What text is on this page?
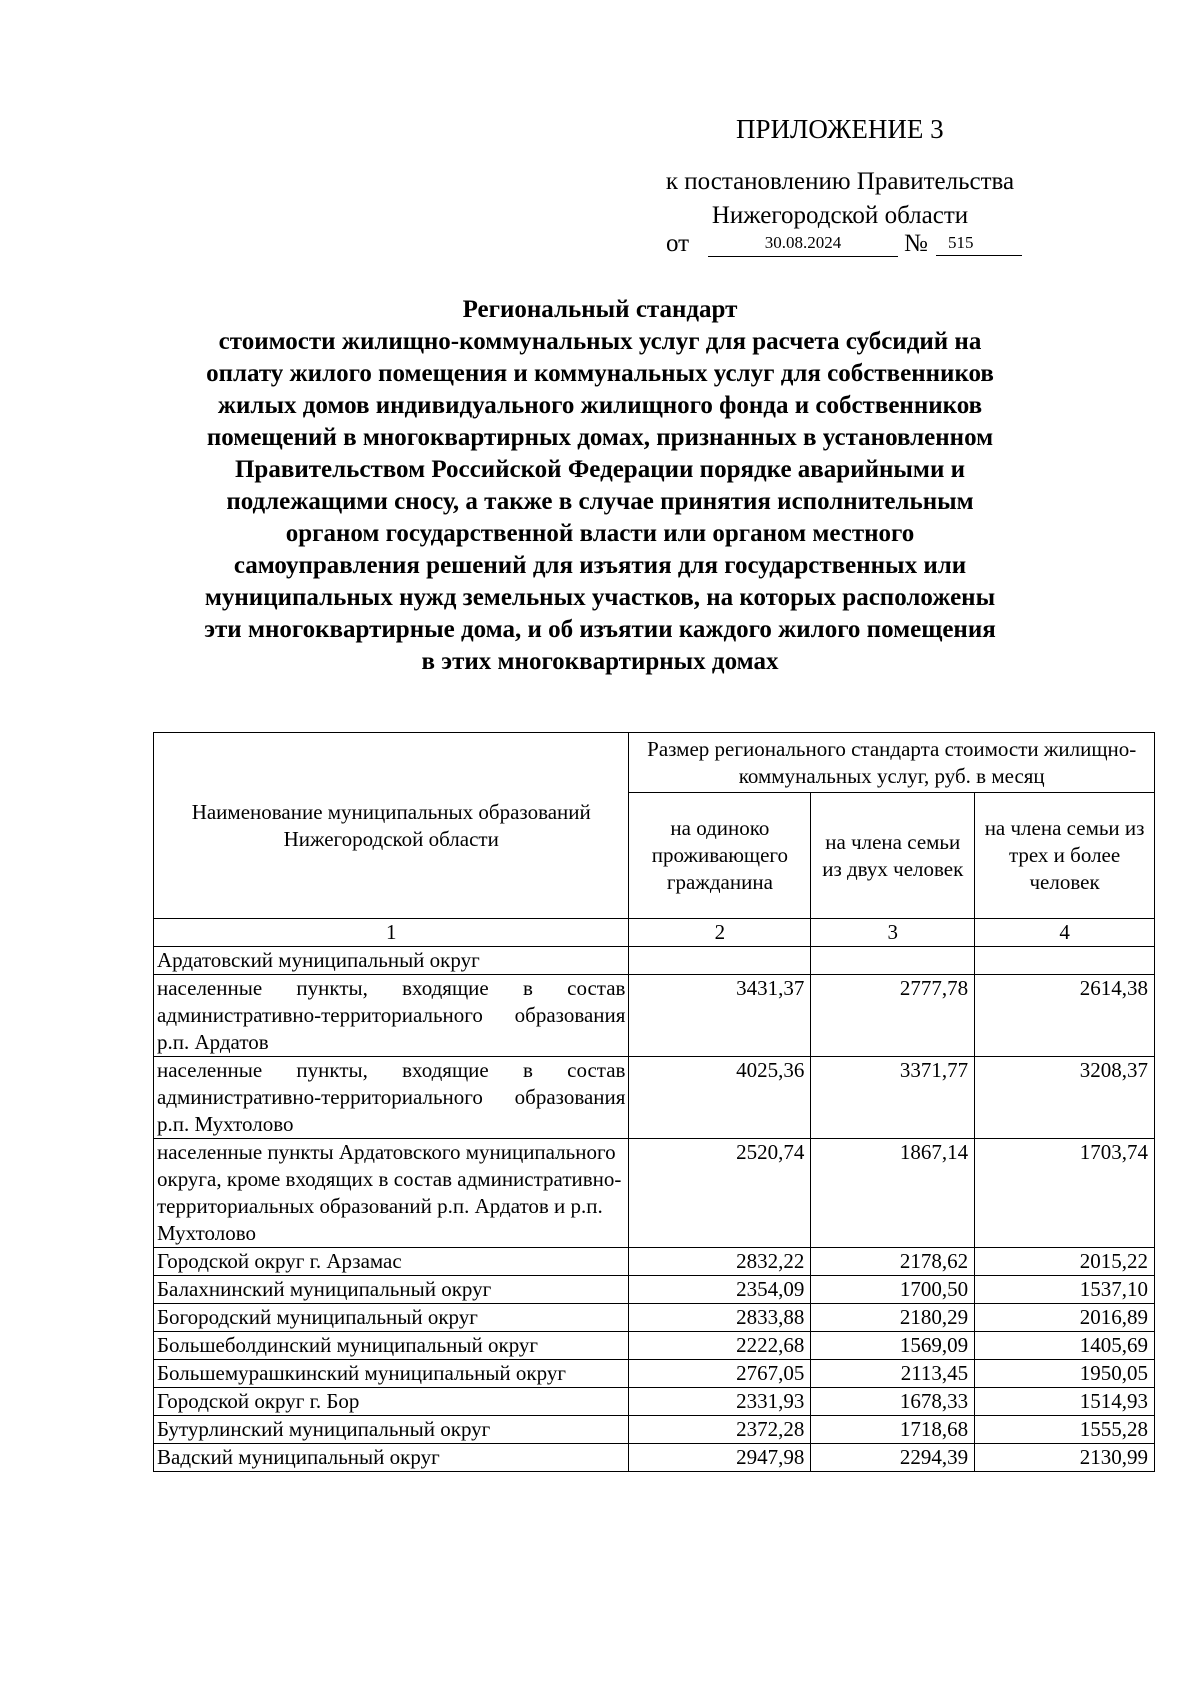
ПРИЛОЖЕНИЕ 3
к постановлению Правительства
Нижегородской области
от	30.08.2024	№	515
Региональный стандарт
стоимости жилищно-коммунальных услуг для расчета субсидий на
оплату жилого помещения и коммунальных услуг для собственников
жилых домов индивидуального жилищного фонда и собственников
помещений в многоквартирных домах, признанных в установленном
Правительством Российской Федерации порядке аварийными и
подлежащими сносу, а также в случае принятия исполнительным
органом государственной власти или органом местного
самоуправления решений для изъятия для государственных или
муниципальных нужд земельных участков, на которых расположены
эти многоквартирные дома, и об изъятии каждого жилого помещения
в этих многоквартирных домах
Наименование муниципальных образований Нижегородской области	Размер регионального стандарта стоимости жилищно-коммунальных услуг, руб. в месяц		
	на одиноко проживающего гражданина	на члена семьи из двух человек	на члена семьи из трех и более человек
1	2	3	4
Ардатовский муниципальный округ			
населенные пункты, входящие в состав административно-территориального образования р.п. Ардатов	3431,37	2777,78	2614,38
населенные пункты, входящие в состав административно-территориального образования р.п. Мухтолово	4025,36	3371,77	3208,37
населенные пункты Ардатовского муниципального округа, кроме входящих в состав административно-территориальных образований р.п. Ардатов и р.п. Мухтолово	2520,74	1867,14	1703,74
Городской округ г. Арзамас	2832,22	2178,62	2015,22
Балахнинский муниципальный округ	2354,09	1700,50	1537,10
Богородский муниципальный округ	2833,88	2180,29	2016,89
Большеболдинский муниципальный округ	2222,68	1569,09	1405,69
Большемурашкинский муниципальный округ	2767,05	2113,45	1950,05
Городской округ г. Бор	2331,93	1678,33	1514,93
Бутурлинский муниципальный округ	2372,28	1718,68	1555,28
Вадский муниципальный округ	2947,98	2294,39	2130,99
